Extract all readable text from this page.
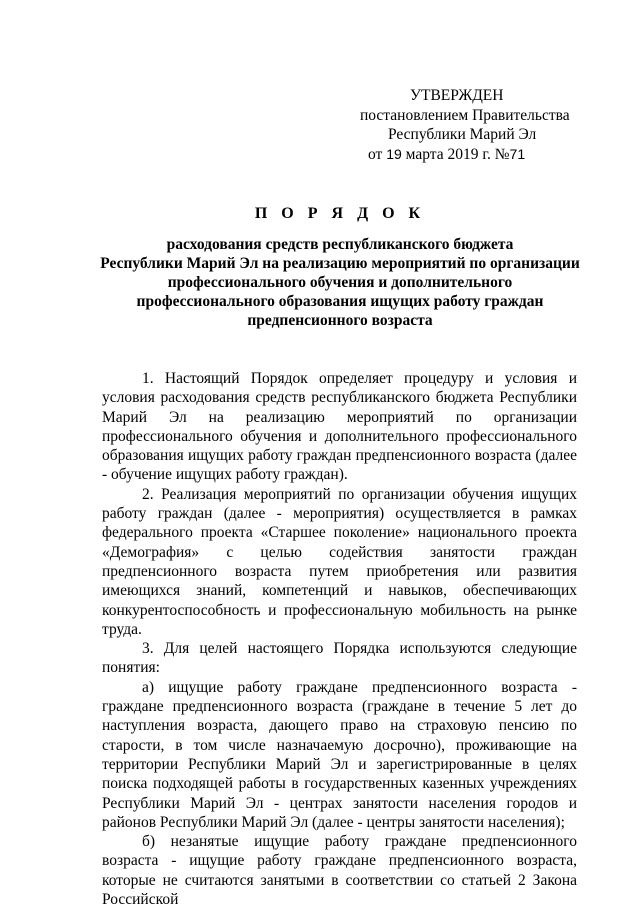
УТВЕРЖДЕН
постановлением Правительства
Республики Марий Эл
от 19 марта 2019 г. №71
П О Р Я Д О К
расходования средств республиканского бюджета
Республики Марий Эл на реализацию мероприятий по организации
профессионального обучения и дополнительного
профессионального образования ищущих работу граждан
предпенсионного возраста

1. Настоящий Порядок определяет процедуру и условия и условия расходования средств республиканского бюджета Республики Марий Эл на реализацию мероприятий по организации профессионального обучения и дополнительного профессионального образования ищущих работу граждан предпенсионного возраста (далее - обучение ищущих работу граждан).

2. Реализация мероприятий по организации обучения ищущих работу граждан (далее - мероприятия) осуществляется в рамках федерального проекта «Старшее поколение» национального проекта «Демография» с целью содействия занятости граждан предпенсионного возраста путем приобретения или развития имеющихся знаний, компетенций и навыков, обеспечивающих конкурентоспособность и профессиональную мобильность на рынке труда.

3. Для целей настоящего Порядка используются следующие понятия:

а) ищущие работу граждане предпенсионного возраста - граждане предпенсионного возраста (граждане в течение 5 лет до наступления возраста, дающего право на страховую пенсию по старости, в том числе назначаемую досрочно), проживающие на территории Республики Марий Эл и зарегистрированные в целях поиска подходящей работы в государственных казенных учреждениях Республики Марий Эл - центрах занятости населения городов и районов Республики Марий Эл (далее - центры занятости населения);

б) незанятые ищущие работу граждане предпенсионного возраста - ищущие работу граждане предпенсионного возраста, которые не считаются занятыми в соответствии со статьей 2 Закона Российской
